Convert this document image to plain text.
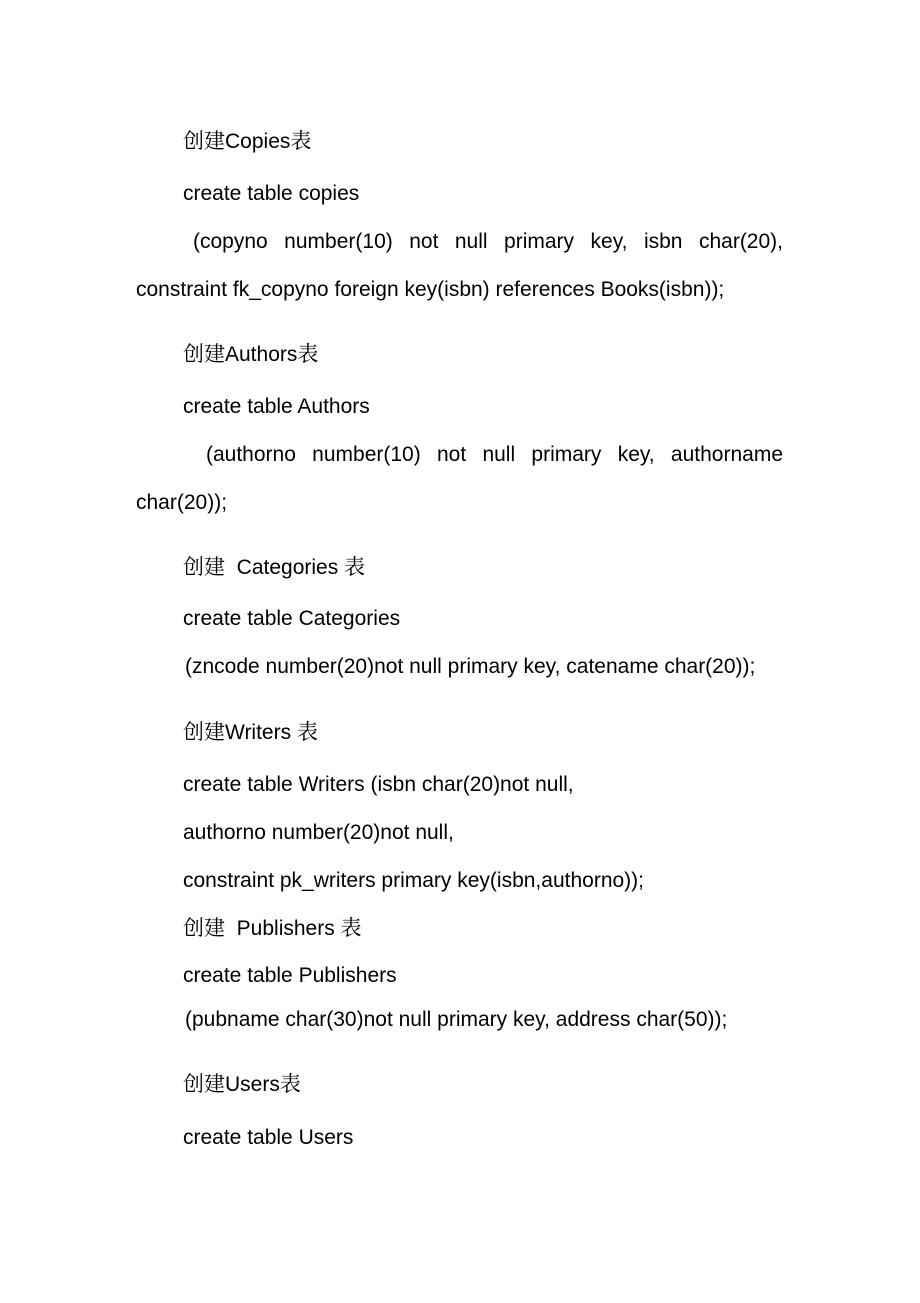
创建Copies表

create table copies

(copyno number(10) not null primary key, isbn char(20),

constraint fk_copyno foreign key(isbn) references Books(isbn));

创建Authors表

create table Authors

(authorno number(10) not null primary key, authorname

char(20));

创建  Categories 表

create table Categories

(zncode number(20)not null primary key, catename char(20));

创建Writers 表

create table Writers (isbn char(20)not null,

authorno number(20)not null,

constraint pk_writers primary key(isbn,authorno));

创建  Publishers 表

create table Publishers

(pubname char(30)not null primary key, address char(50));

创建Users表

create table Users
